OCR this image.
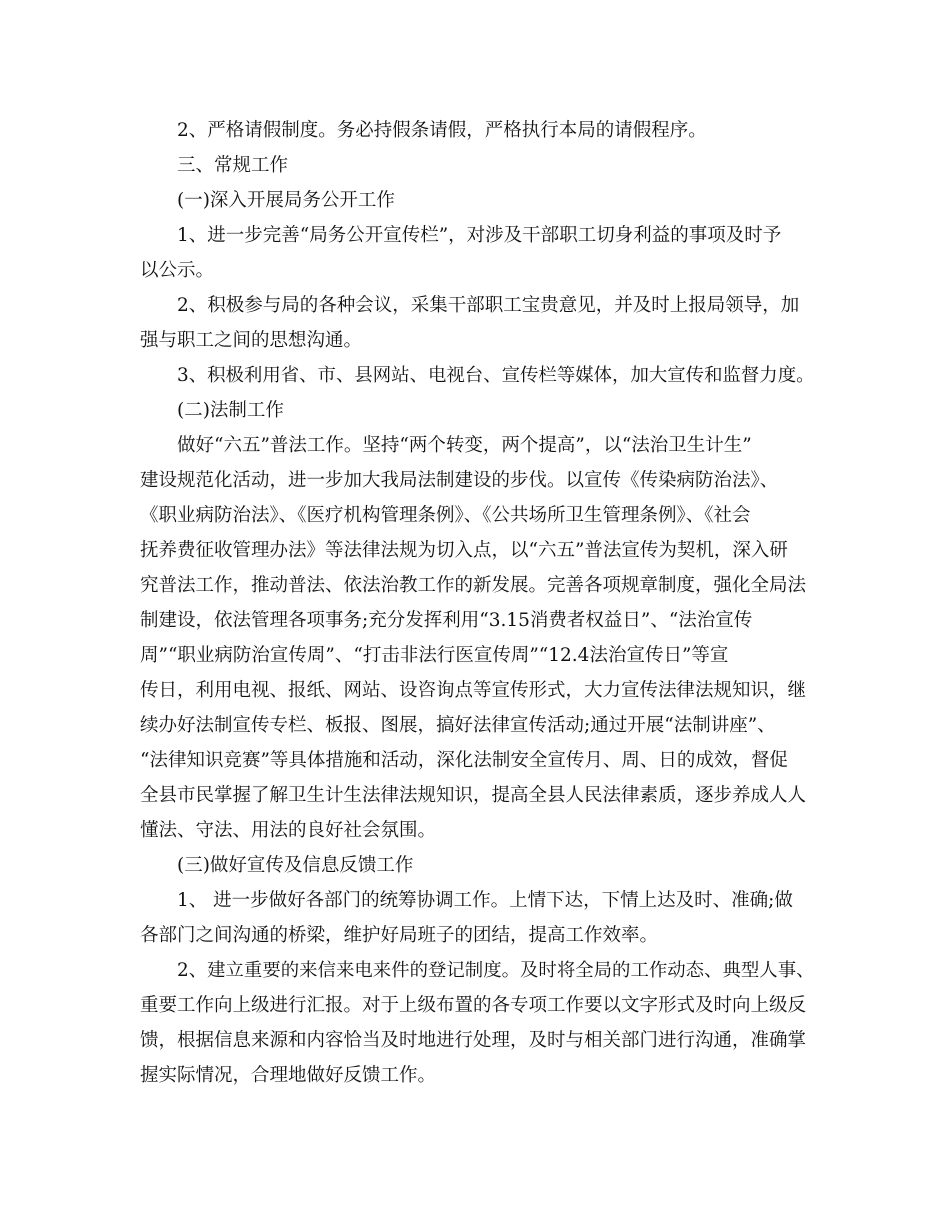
2、严格请假制度。务必持假条请假，严格执行本局的请假程序。
三、常规工作
(一)深入开展局务公开工作
1、进一步完善“局务公开宣传栏”，对涉及干部职工切身利益的事项及时予
以公示。
2、积极参与局的各种会议，采集干部职工宝贵意见，并及时上报局领导，加
强与职工之间的思想沟通。
3、积极利用省、市、县网站、电视台、宣传栏等媒体，加大宣传和监督力度。
(二)法制工作
做好“六五”普法工作。坚持“两个转变，两个提高”，以“法治卫生计生”
建设规范化活动，进一步加大我局法制建设的步伐。以宣传《传染病防治法》、
《职业病防治法》、《医疗机构管理条例》、《公共场所卫生管理条例》、《社会
抚养费征收管理办法》等法律法规为切入点，以“六五”普法宣传为契机，深入研
究普法工作，推动普法、依法治教工作的新发展。完善各项规章制度，强化全局法
制建设，依法管理各项事务;充分发挥利用“3.15消费者权益日”、“法治宣传
周”“职业病防治宣传周”、“打击非法行医宣传周”“12.4法治宣传日”等宣
传日，利用电视、报纸、网站、设咨询点等宣传形式，大力宣传法律法规知识，继
续办好法制宣传专栏、板报、图展，搞好法律宣传活动;通过开展“法制讲座”、
“法律知识竞赛”等具体措施和活动，深化法制安全宣传月、周、日的成效，督促
全县市民掌握了解卫生计生法律法规知识，提高全县人民法律素质，逐步养成人人
懂法、守法、用法的良好社会氛围。
(三)做好宣传及信息反馈工作
1、 进一步做好各部门的统筹协调工作。上情下达，下情上达及时、准确;做
各部门之间沟通的桥梁，维护好局班子的团结，提高工作效率。
2、建立重要的来信来电来件的登记制度。及时将全局的工作动态、典型人事、
重要工作向上级进行汇报。对于上级布置的各专项工作要以文字形式及时向上级反
馈，根据信息来源和内容恰当及时地进行处理，及时与相关部门进行沟通，准确掌
握实际情况，合理地做好反馈工作。
